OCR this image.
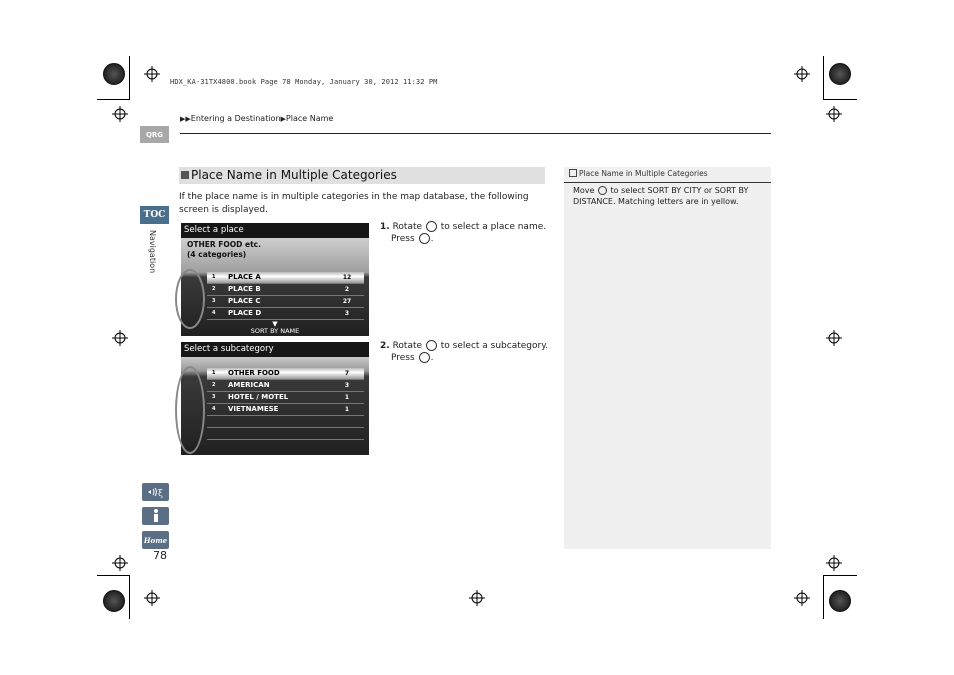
HDX_KA-31TX4800.book Page 78 Monday, January 30, 2012 11:32 PM
▶▶Entering a Destination▶Place Name
QRG
TOC
Navigation
ξ
Home
78
Place Name in Multiple Categories
If the place name is in multiple categories in the map database, the following screen is displayed.
Select a place
OTHER FOOD etc.
(4 categories)
1	PLACE A	12
2	PLACE B	2
3	PLACE C	27
4	PLACE D	3
▼
SORT BY NAME
Select a subcategory
1	OTHER FOOD	7
2	AMERICAN	3
3	HOTEL / MOTEL	1
4	VIETNAMESE	1
1. Rotate to select a place name.
Press .
2. Rotate to select a subcategory.
Press .
Place Name in Multiple Categories
Move to select SORT BY CITY or SORT BY DISTANCE. Matching letters are in yellow.
